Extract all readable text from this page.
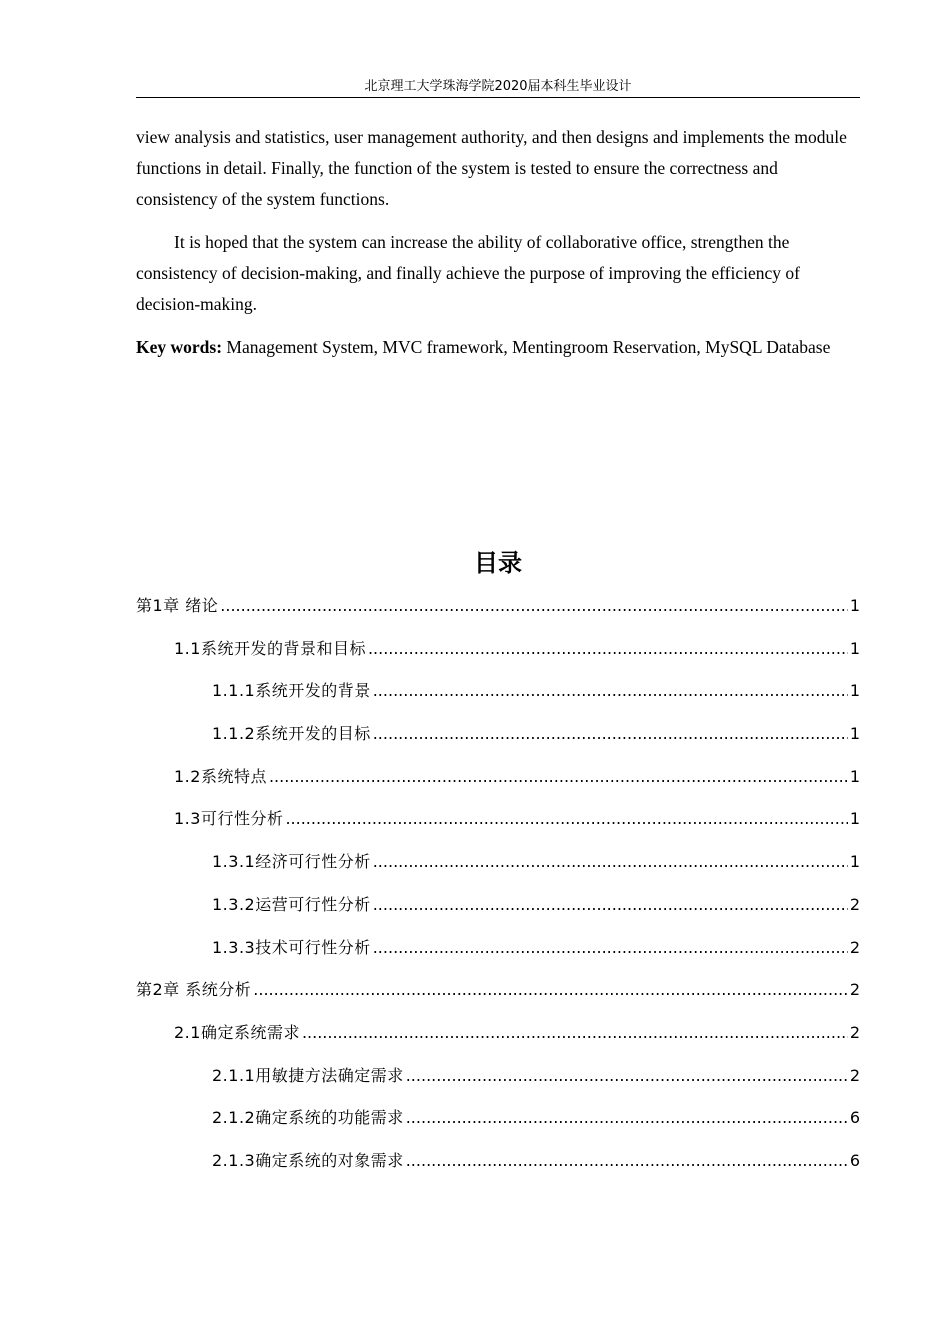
北京理工大学珠海学院2020届本科生毕业设计

view analysis and statistics, user management authority, and then designs and implements the module functions in detail. Finally, the function of the system is tested to ensure the correctness and consistency of the system functions.

It is hoped that the system can increase the ability of collaborative office, strengthen the consistency of decision-making, and finally achieve the purpose of improving the efficiency of decision-making.

Key words: Management System, MVC framework, Mentingroom Reservation, MySQL Database

目录
第1章 绪论 .....	1
1.1系统开发的背景和目标 .....	1
1.1.1系统开发的背景 .....	1
1.1.2系统开发的目标 .....	1
1.2系统特点 .....	1
1.3可行性分析 .....	1
1.3.1经济可行性分析 .....	1
1.3.2运营可行性分析 .....	2
1.3.3技术可行性分析 .....	2
第2章 系统分析 .....	2
2.1确定系统需求 .....	2
2.1.1用敏捷方法确定需求 .....	2
2.1.2确定系统的功能需求 .....	6
2.1.3确定系统的对象需求 .....	6
